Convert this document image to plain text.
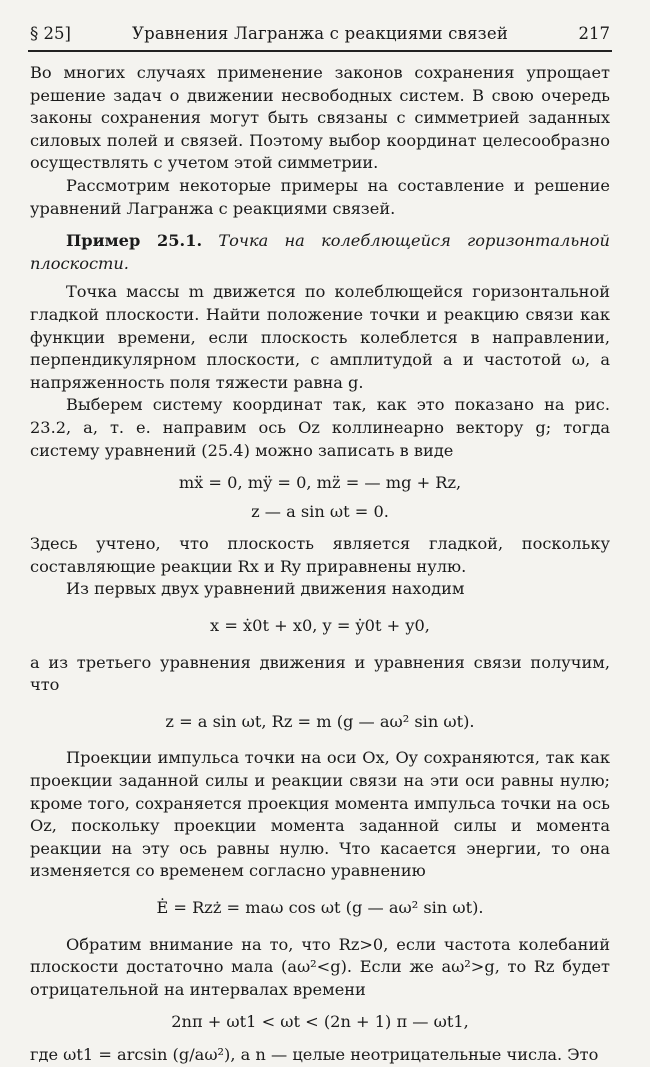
§ 25]	Уравнения Лагранжа с реакциями связей	217
Во многих случаях применение законов сохранения упрощает решение задач о движении несвободных систем. В свою очередь законы сохранения могут быть связаны с симметрией заданных силовых полей и связей. Поэтому выбор координат целесообразно осуществлять с учетом этой симметрии.
Рассмотрим некоторые примеры на составление и решение уравнений Лагранжа с реакциями связей.
Пример 25.1. Точка на колеблющейся горизонтальной плоскости.
Точка массы m движется по колеблющейся горизонтальной гладкой плоскости. Найти положение точки и реакцию связи как функции времени, если плоскость колеблется в направлении, перпендикулярном плоскости, с амплитудой a и частотой ω, а напряженность поля тяжести равна g.
Выберем систему координат так, как это показано на рис. 23.2, a, т. е. направим ось Oz коллинеарно вектору g; тогда систему уравнений (25.4) можно записать в виде
mẍ = 0, mÿ = 0, mz̈ = — mg + Rz,
z — a sin ωt = 0.
Здесь учтено, что плоскость является гладкой, поскольку составляющие реакции Rx и Ry приравнены нулю.
Из первых двух уравнений движения находим
x = ẋ0t + x0, y = ẏ0t + y0,
а из третьего уравнения движения и уравнения связи получим, что
z = a sin ωt, Rz = m (g — aω² sin ωt).
Проекции импульса точки на оси Ox, Oy сохраняются, так как проекции заданной силы и реакции связи на эти оси равны нулю; кроме того, сохраняется проекция момента импульса точки на ось Oz, поскольку проекции момента заданной силы и момента реакции на эту ось равны нулю. Что касается энергии, то она изменяется со временем согласно уравнению
Ė = Rzż = maω cos ωt (g — aω² sin ωt).
Обратим внимание на то, что Rz>0, если частота колебаний плоскости достаточно мала (aω²<g). Если же aω²>g, то Rz будет отрицательной на интервалах времени
2nπ + ωt1 < ωt < (2n + 1) π — ωt1,
где ωt1 = arcsin (g/aω²), а n — целые неотрицательные числа. Это
